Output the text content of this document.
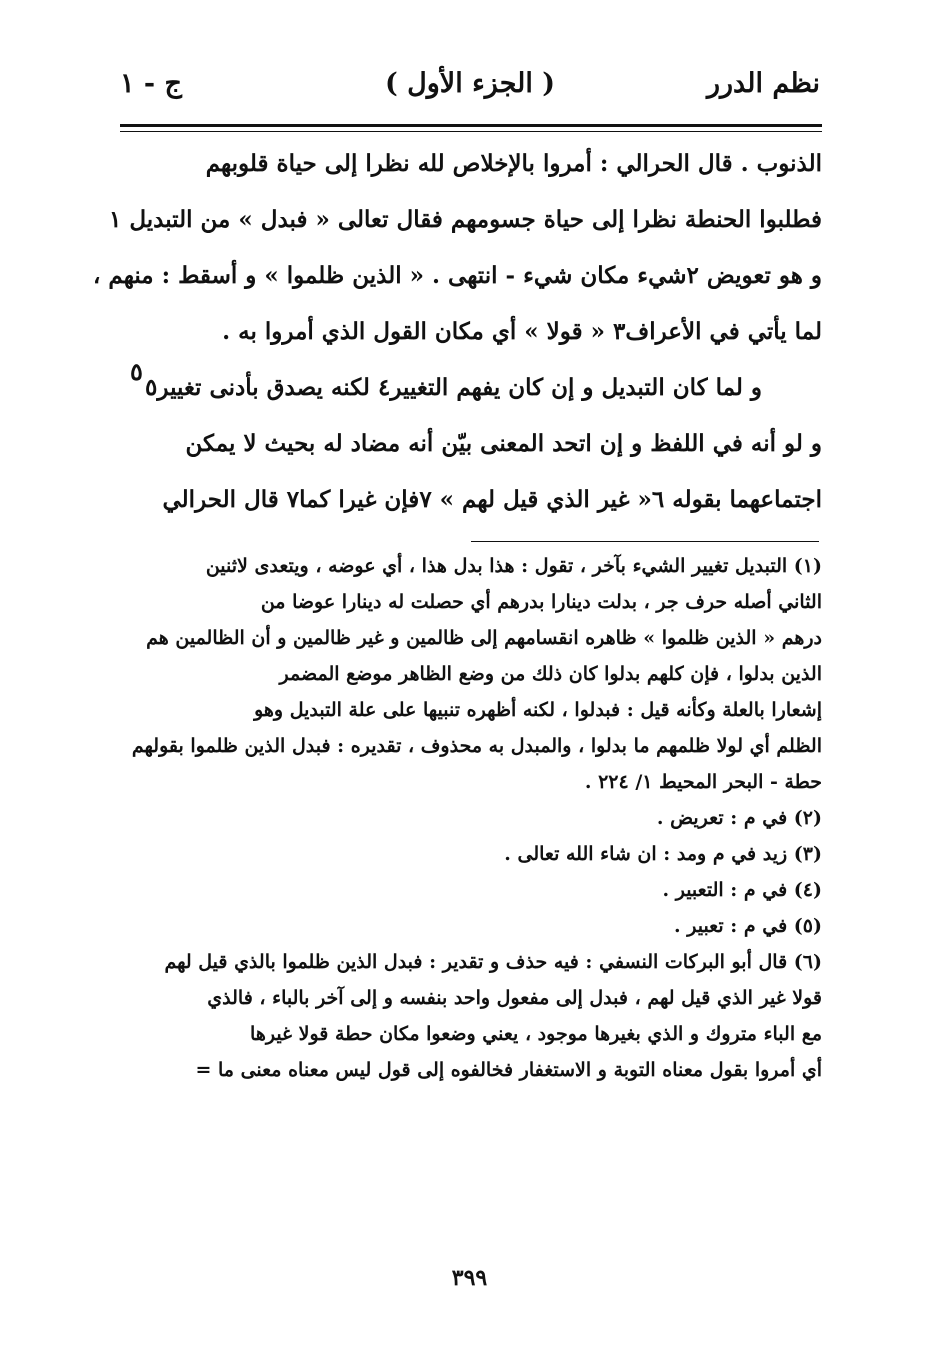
نظم الدرر
( الجزء الأول )
ج - ١
الذنوب . قال الحرالي : أمروا بالإخلاص لله نظرا إلى حياة قلوبهم
فطلبوا الحنطة نظرا إلى حياة جسومهم فقال تعالى « فبدل » من التبديل ١
و هو تعويض ٢شيء مكان شيء - انتهى . « الذين ظلموا » و أسقط : منهم ،
لما يأتي في الأعراف٣ « قولا » أي مكان القول الذي أمروا به .
و لما كان التبديل و إن كان يفهم التغيير٤ لكنه يصدق بأدنى تغيير٥
و لو أنه في اللفظ و إن اتحد المعنى بيّن أنه مضاد له بحيث لا يمكن
اجتماعهما بقوله ٦« غير الذي قيل لهم » ٧فإن غيرا كما٧ قال الحرالي
٥
(١) التبديل تغيير الشيء بآخر ، تقول : هذا بدل هذا ، أي عوضه ، ويتعدى لاثنين
الثاني أصله حرف جر ، بدلت دينارا بدرهم أي حصلت له دينارا عوضا من
درهم « الذين ظلموا » ظاهره انقسامهم إلى ظالمين و غير ظالمين و أن الظالمين هم
الذين بدلوا ، فإن كلهم بدلوا كان ذلك من وضع الظاهر موضع المضمر
إشعارا بالعلة وكأنه قيل : فبدلوا ، لكنه أظهره تنبيها على علة التبديل وهو
الظلم أي لولا ظلمهم ما بدلوا ، والمبدل به محذوف ، تقديره : فبدل الذين ظلموا بقولهم
حطة - البحر المحيط ١/ ٢٢٤ .
(٢) في م : تعريض .
(٣) زيد في م ومد : ان شاء الله تعالى .
(٤) في م : التعبير .
(٥) في م : تعبير .
(٦) قال أبو البركات النسفي : فيه حذف و تقدير : فبدل الذين ظلموا بالذي قيل لهم
قولا غير الذي قيل لهم ، فبدل إلى مفعول واحد بنفسه و إلى آخر بالباء ، فالذي
مع الباء متروك و الذي بغيرها موجود ، يعني وضعوا مكان حطة قولا غيرها
أي أمروا بقول معناه التوبة و الاستغفار فخالفوه إلى قول ليس معناه معنى ما =
٣٩٩
